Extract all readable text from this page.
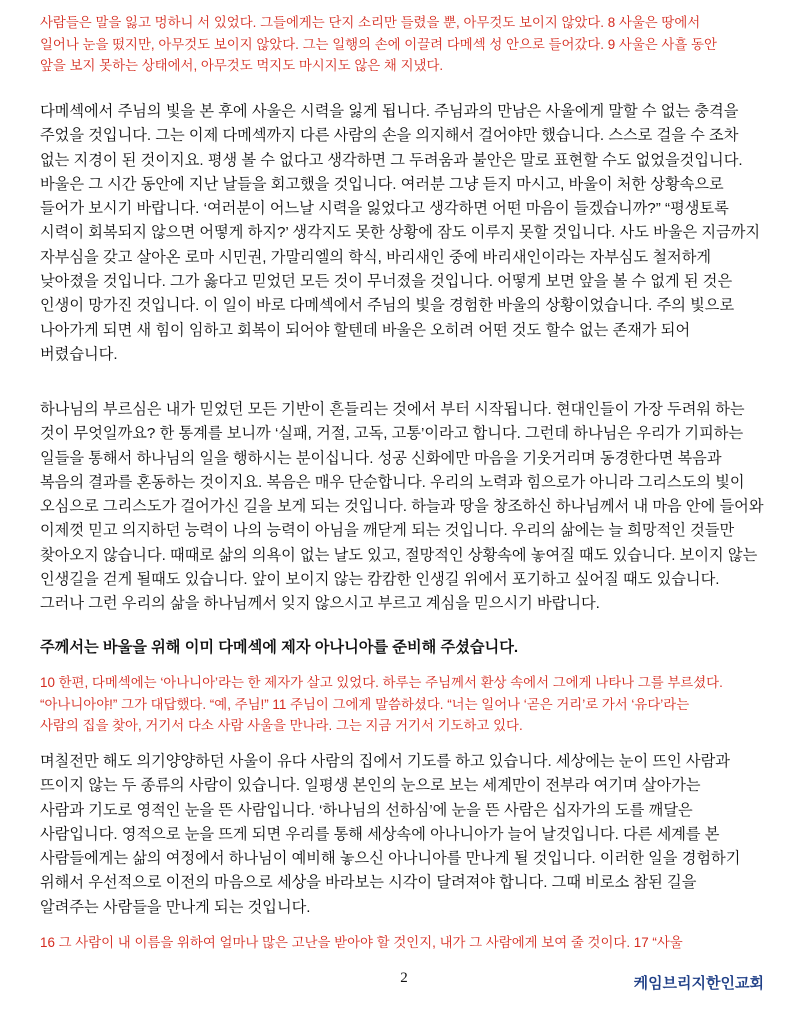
사람들은 말을 잃고 멍하니 서 있었다. 그들에게는 단지 소리만 들렸을 뿐, 아무것도 보이지 않았다. 8 사울은 땅에서
일어나 눈을 떴지만, 아무것도 보이지 않았다. 그는 일행의 손에 이끌려 다메섹 성 안으로 들어갔다. 9 사울은 사흘 동안
앞을 보지 못하는 상태에서, 아무것도 먹지도 마시지도 않은 채 지냈다.
다메섹에서 주님의 빛을 본 후에 사울은 시력을 잃게 됩니다. 주님과의 만남은 사울에게 말할 수 없는 충격을
주었을 것입니다. 그는 이제 다메섹까지 다른 사람의 손을 의지해서 걸어야만 했습니다. 스스로 걸을 수 조차
없는 지경이 된 것이지요. 평생 볼 수 없다고 생각하면 그 두려움과 불안은 말로 표현할 수도 없었을것입니다.
바울은 그 시간 동안에 지난 날들을 회고했을 것입니다. 여러분 그냥 듣지 마시고, 바울이 처한 상황속으로
들어가 보시기 바랍니다. ‘여러분이 어느날 시력을 잃었다고 생각하면 어떤 마음이 들겠습니까?” “평생토록
시력이 회복되지 않으면 어떻게 하지?’ 생각지도 못한 상황에 잠도 이루지 못할 것입니다. 사도 바울은 지금까지
자부심을 갖고 살아온 로마 시민권, 가말리엘의 학식, 바리새인 중에 바리새인이라는 자부심도 철저하게
낮아졌을 것입니다. 그가 옳다고 믿었던 모든 것이 무너졌을 것입니다. 어떻게 보면 앞을 볼 수 없게 된 것은
인생이 망가진 것입니다. 이 일이 바로 다메섹에서 주님의 빛을 경험한 바울의 상황이었습니다. 주의 빛으로
나아가게 되면 새 힘이 임하고 회복이 되어야 할텐데 바울은 오히려 어떤 것도 할수 없는 존재가 되어
버렸습니다.
하나님의 부르심은 내가 믿었던 모든 기반이 흔들리는 것에서 부터 시작됩니다. 현대인들이 가장 두려워 하는
것이 무엇일까요? 한 통계를 보니까 ‘실패, 거절, 고독, 고통’이라고 합니다. 그런데 하나님은 우리가 기피하는
일들을 통해서 하나님의 일을 행하시는 분이십니다. 성공 신화에만 마음을 기웃거리며 동경한다면 복음과
복음의 결과를 혼동하는 것이지요. 복음은 매우 단순합니다. 우리의 노력과 힘으로가 아니라 그리스도의 빛이
오심으로 그리스도가 걸어가신 길을 보게 되는 것입니다. 하늘과 땅을 창조하신 하나님께서 내 마음 안에 들어와
이제껏 믿고 의지하던 능력이 나의 능력이 아님을 깨닫게 되는 것입니다. 우리의 삶에는 늘 희망적인 것들만
찾아오지 않습니다. 때때로 삶의 의욕이 없는 날도 있고, 절망적인 상황속에 놓여질 때도 있습니다. 보이지 않는
인생길을 걷게 될때도 있습니다. 앞이 보이지 않는 캄캄한 인생길 위에서 포기하고 싶어질 때도 있습니다.
그러나 그런 우리의 삶을 하나님께서 잊지 않으시고 부르고 계심을 믿으시기 바랍니다.
주께서는 바울을 위해 이미 다메섹에 제자 아나니아를 준비해 주셨습니다.
10 한편, 다메섹에는 ‘아나니아’라는 한 제자가 살고 있었다. 하루는 주님께서 환상 속에서 그에게 나타나 그를 부르셨다.
“아나니아야!” 그가 대답했다. “예, 주님!” 11 주님이 그에게 말씀하셨다. “너는 일어나 ‘곧은 거리’로 가서 ‘유다’라는
사람의 집을 찾아, 거기서 다소 사람 사울을 만나라. 그는 지금 거기서 기도하고 있다.
며칠전만 해도 의기양양하던 사울이 유다 사람의 집에서 기도를 하고 있습니다. 세상에는 눈이 뜨인 사람과
뜨이지 않는 두 종류의 사람이 있습니다. 일평생 본인의 눈으로 보는 세계만이 전부라 여기며 살아가는
사람과 기도로 영적인 눈을 뜬 사람입니다. ‘하나님의 선하심’에 눈을 뜬 사람은 십자가의 도를 깨달은
사람입니다. 영적으로 눈을 뜨게 되면 우리를 통해 세상속에 아나니아가 늘어 날것입니다. 다른 세계를 본
사람들에게는 삶의 여정에서 하나님이 예비해 놓으신 아나니아를 만나게 될 것입니다. 이러한 일을 경험하기
위해서 우선적으로 이전의 마음으로 세상을 바라보는 시각이 달려져야 합니다. 그때 비로소 참된 길을
알려주는 사람들을 만나게 되는 것입니다.
16 그 사람이 내 이름을 위하여 얼마나 많은 고난을 받아야 할 것인지, 내가 그 사람에게 보여 줄 것이다. 17 “사울
2	케임브리지한인교회
